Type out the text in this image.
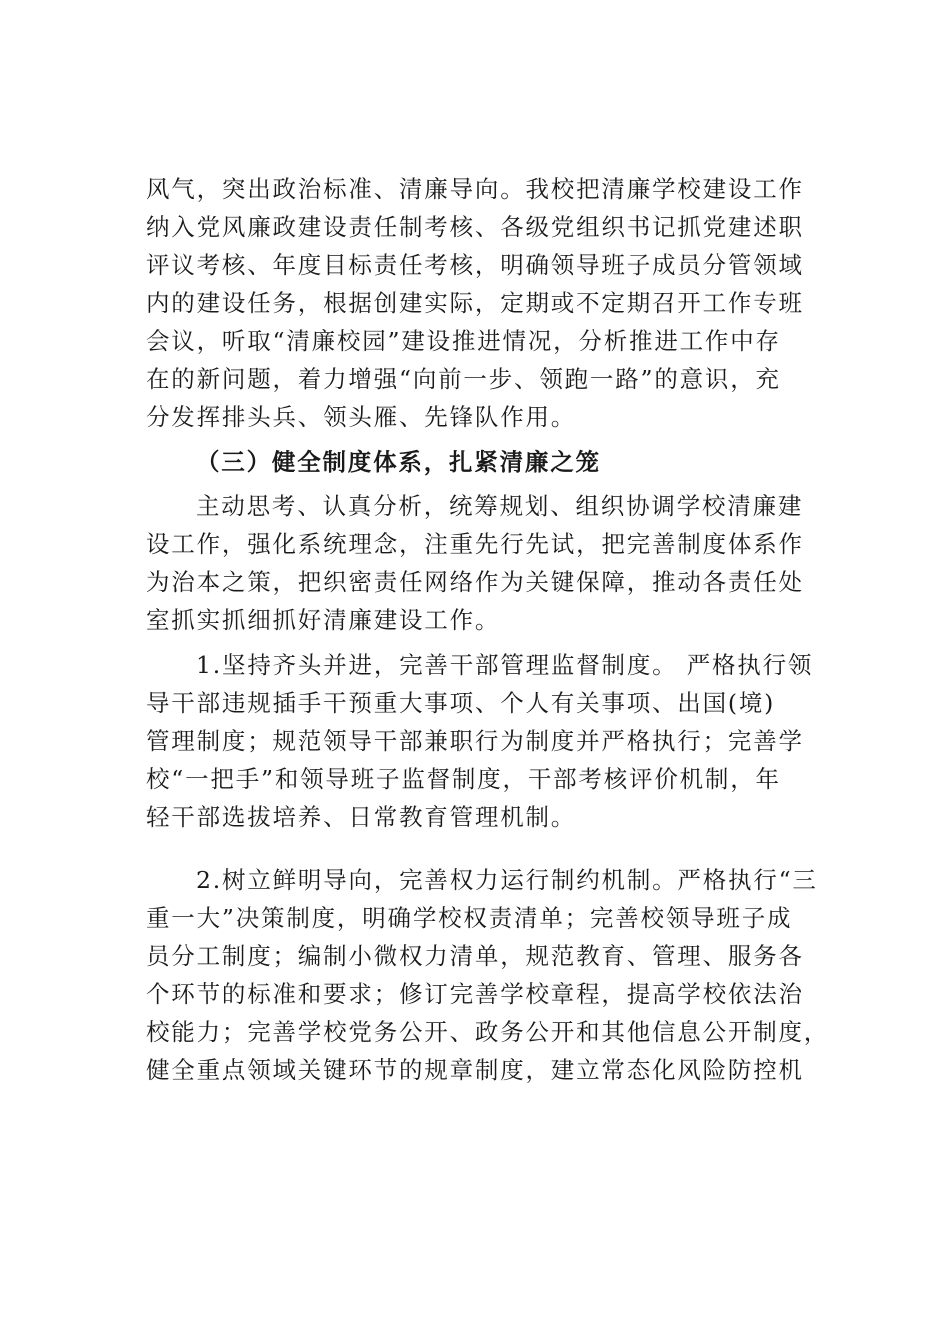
风气，突出政治标准、清廉导向。我校把清廉学校建设工作
纳入党风廉政建设责任制考核、各级党组织书记抓党建述职
评议考核、年度目标责任考核，明确领导班子成员分管领域
内的建设任务，根据创建实际，定期或不定期召开工作专班
会议，听取“清廉校园”建设推进情况，分析推进工作中存
在的新问题，着力增强“向前一步、领跑一路”的意识，充
分发挥排头兵、领头雁、先锋队作用。
（三）健全制度体系，扎紧清廉之笼
主动思考、认真分析，统筹规划、组织协调学校清廉建
设工作，强化系统理念，注重先行先试，把完善制度体系作
为治本之策，把织密责任网络作为关键保障，推动各责任处
室抓实抓细抓好清廉建设工作。
1.坚持齐头并进，完善干部管理监督制度。 严格执行领
导干部违规插手干预重大事项、个人有关事项、出国(境)
管理制度；规范领导干部兼职行为制度并严格执行；完善学
校“一把手”和领导班子监督制度，干部考核评价机制，年
轻干部选拔培养、日常教育管理机制。
2.树立鲜明导向，完善权力运行制约机制。严格执行“三
重一大”决策制度，明确学校权责清单；完善校领导班子成
员分工制度；编制小微权力清单，规范教育、管理、服务各
个环节的标准和要求；修订完善学校章程，提高学校依法治
校能力；完善学校党务公开、政务公开和其他信息公开制度，
健全重点领域关键环节的规章制度，建立常态化风险防控机
